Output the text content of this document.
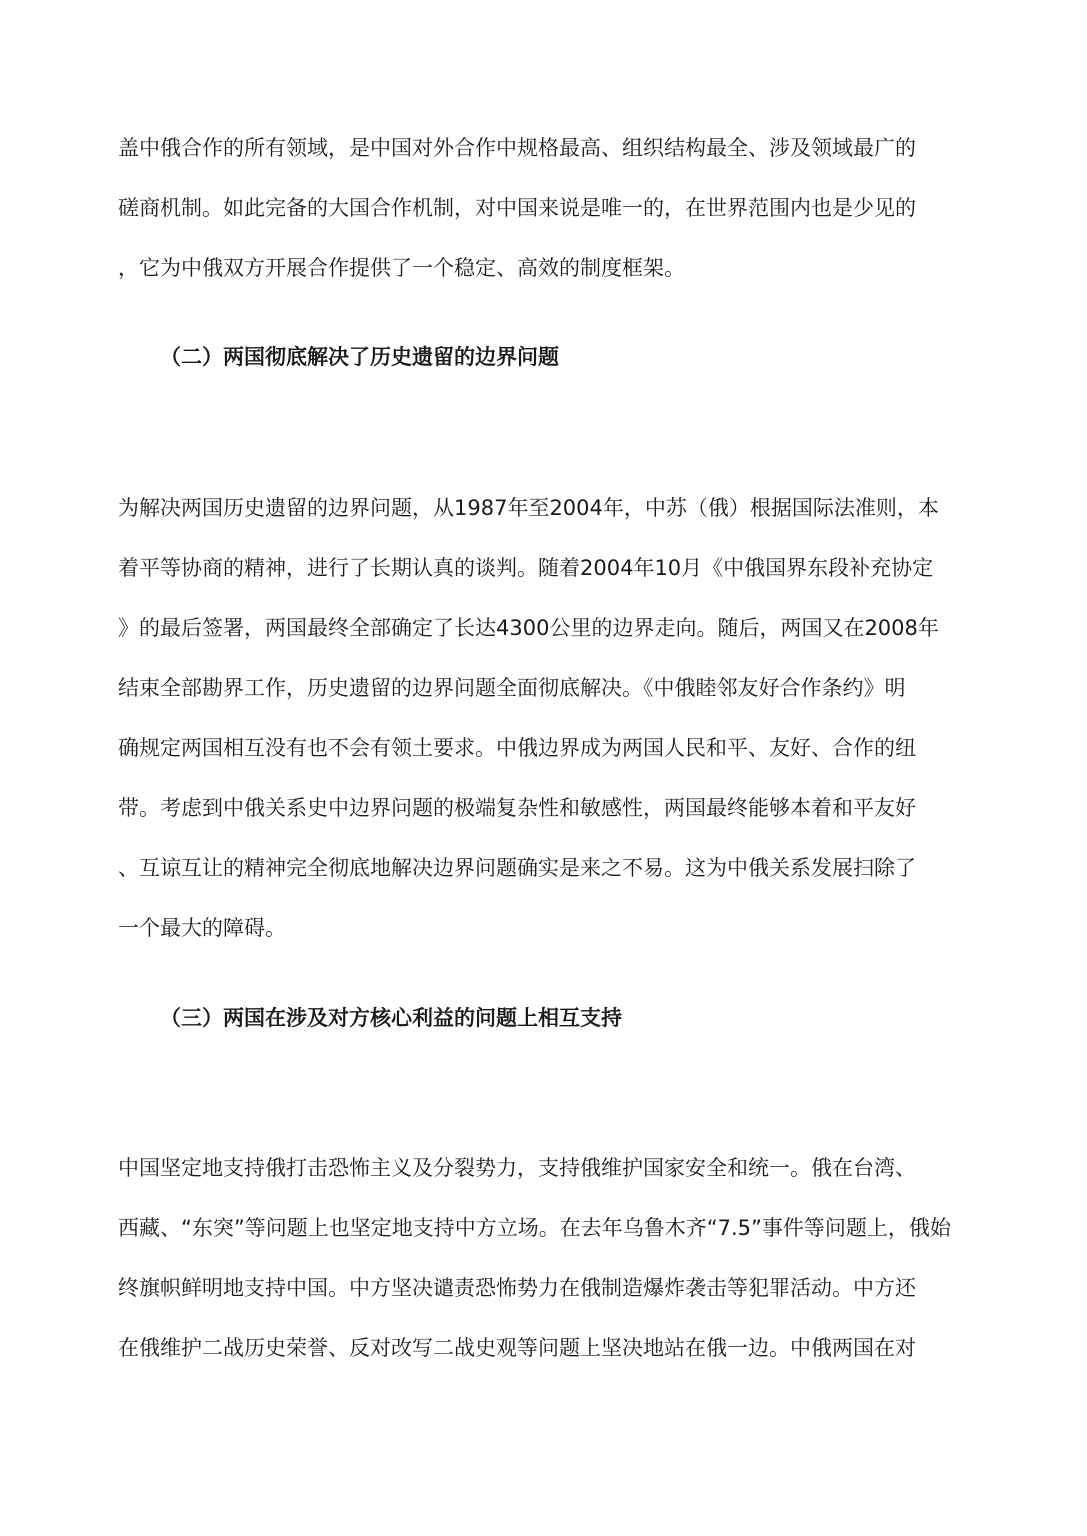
盖中俄合作的所有领域，是中国对外合作中规格最高、组织结构最全、涉及领域最广的
磋商机制。如此完备的大国合作机制，对中国来说是唯一的，在世界范围内也是少见的
，它为中俄双方开展合作提供了一个稳定、高效的制度框架。
（二）两国彻底解决了历史遗留的边界问题
为解决两国历史遗留的边界问题，从1987年至2004年，中苏（俄）根据国际法准则，本
着平等协商的精神，进行了长期认真的谈判。随着2004年10月《中俄国界东段补充协定
》的最后签署，两国最终全部确定了长达4300公里的边界走向。随后，两国又在2008年
结束全部勘界工作，历史遗留的边界问题全面彻底解决。《中俄睦邻友好合作条约》明
确规定两国相互没有也不会有领土要求。中俄边界成为两国人民和平、友好、合作的纽
带。考虑到中俄关系史中边界问题的极端复杂性和敏感性，两国最终能够本着和平友好
、互谅互让的精神完全彻底地解决边界问题确实是来之不易。这为中俄关系发展扫除了
一个最大的障碍。
（三）两国在涉及对方核心利益的问题上相互支持
中国坚定地支持俄打击恐怖主义及分裂势力，支持俄维护国家安全和统一。俄在台湾、
西藏、“东突”等问题上也坚定地支持中方立场。在去年乌鲁木齐“7.5”事件等问题上，俄始
终旗帜鲜明地支持中国。中方坚决谴责恐怖势力在俄制造爆炸袭击等犯罪活动。中方还
在俄维护二战历史荣誉、反对改写二战史观等问题上坚决地站在俄一边。中俄两国在对
